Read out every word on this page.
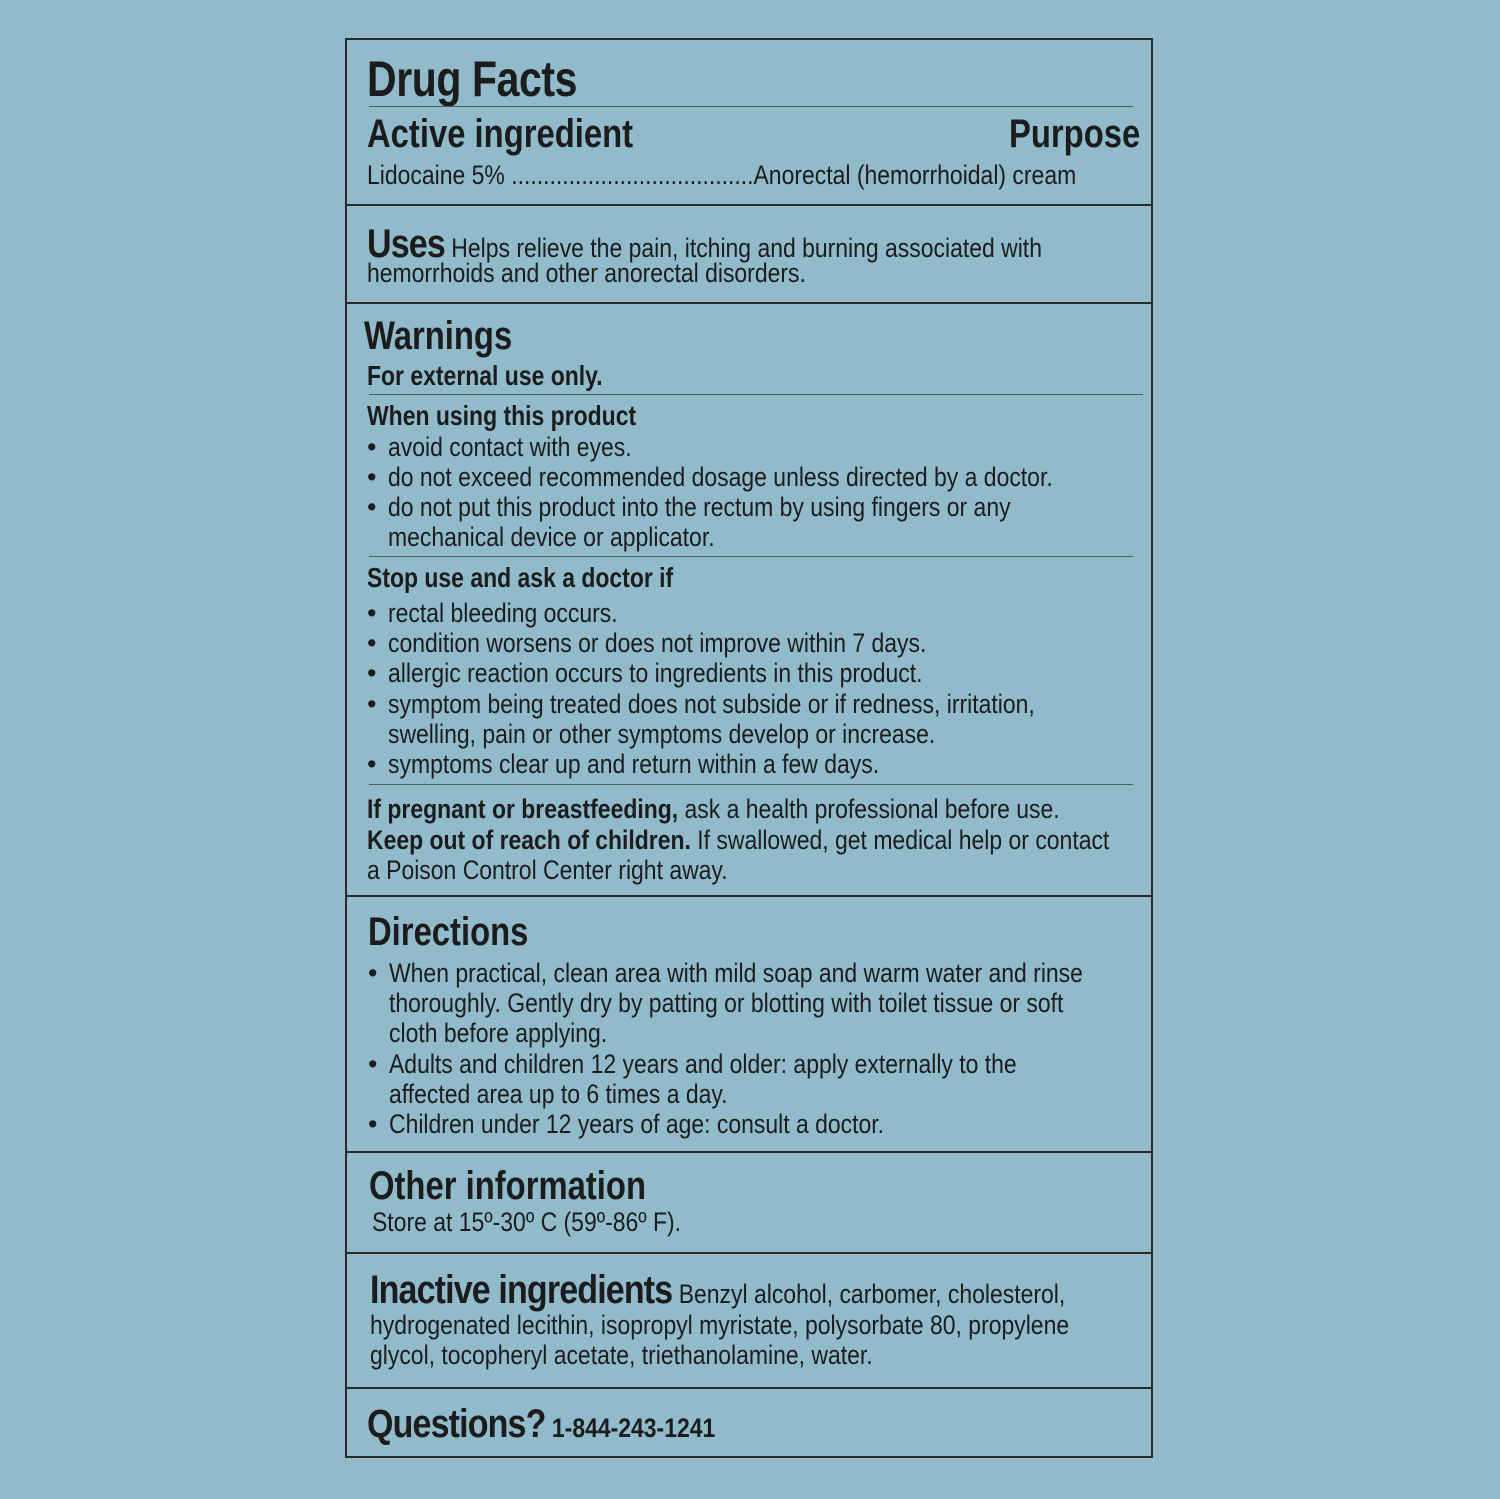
Drug Facts
Active ingredient	Purpose
Lidocaine 5% ......................................Anorectal (hemorrhoidal) cream
Uses Helps relieve the pain, itching and burning associated with
hemorrhoids and other anorectal disorders.
Warnings
For external use only.
When using this product
• avoid contact with eyes.
• do not exceed recommended dosage unless directed by a doctor.
• do not put this product into the rectum by using fingers or any
mechanical device or applicator.
Stop use and ask a doctor if
• rectal bleeding occurs.
• condition worsens or does not improve within 7 days.
• allergic reaction occurs to ingredients in this product.
• symptom being treated does not subside or if redness, irritation,
swelling, pain or other symptoms develop or increase.
• symptoms clear up and return within a few days.
If pregnant or breastfeeding, ask a health professional before use.
Keep out of reach of children. If swallowed, get medical help or contact
a Poison Control Center right away.
Directions
• When practical, clean area with mild soap and warm water and rinse
thoroughly. Gently dry by patting or blotting with toilet tissue or soft
cloth before applying.
• Adults and children 12 years and older: apply externally to the
affected area up to 6 times a day.
• Children under 12 years of age: consult a doctor.
Other information
Store at 15º-30º C (59º-86º F).
Inactive ingredients Benzyl alcohol, carbomer, cholesterol,
hydrogenated lecithin, isopropyl myristate, polysorbate 80, propylene
glycol, tocopheryl acetate, triethanolamine, water.
Questions? 1-844-243-1241
